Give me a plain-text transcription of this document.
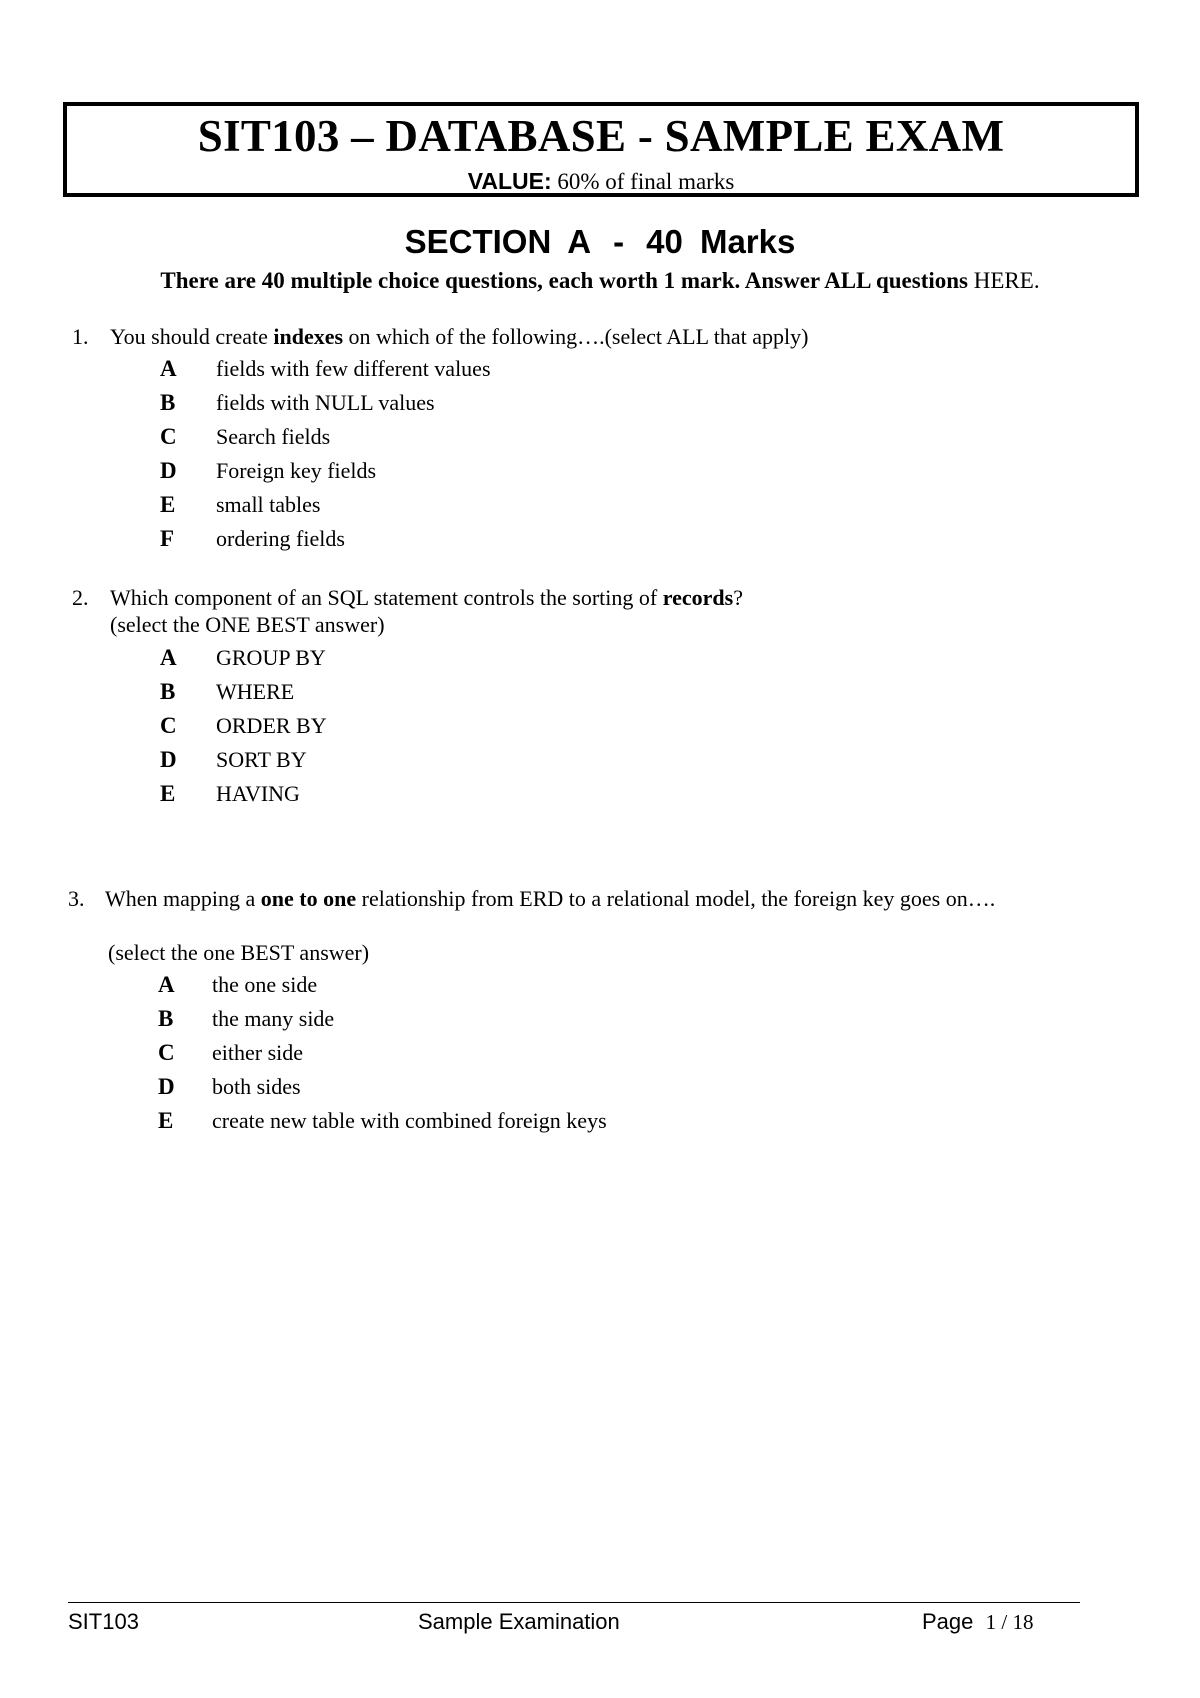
SIT103 – DATABASE - SAMPLE EXAM
VALUE: 60% of final marks
SECTION A - 40 Marks
There are 40 multiple choice questions, each worth 1 mark. Answer ALL questions HERE.
1. You should create indexes on which of the following….(select ALL that apply)
A fields with few different values
B fields with NULL values
C Search fields
D Foreign key fields
E small tables
F ordering fields
2. Which component of an SQL statement controls the sorting of records?
(select the ONE BEST answer)
A GROUP BY
B WHERE
C ORDER BY
D SORT BY
E HAVING
3. When mapping a one to one relationship from ERD to a relational model, the foreign key goes on….
(select the one BEST answer)
A the one side
B the many side
C either side
D both sides
E create new table with combined foreign keys
SIT103	Sample Examination	Page 1 / 18
